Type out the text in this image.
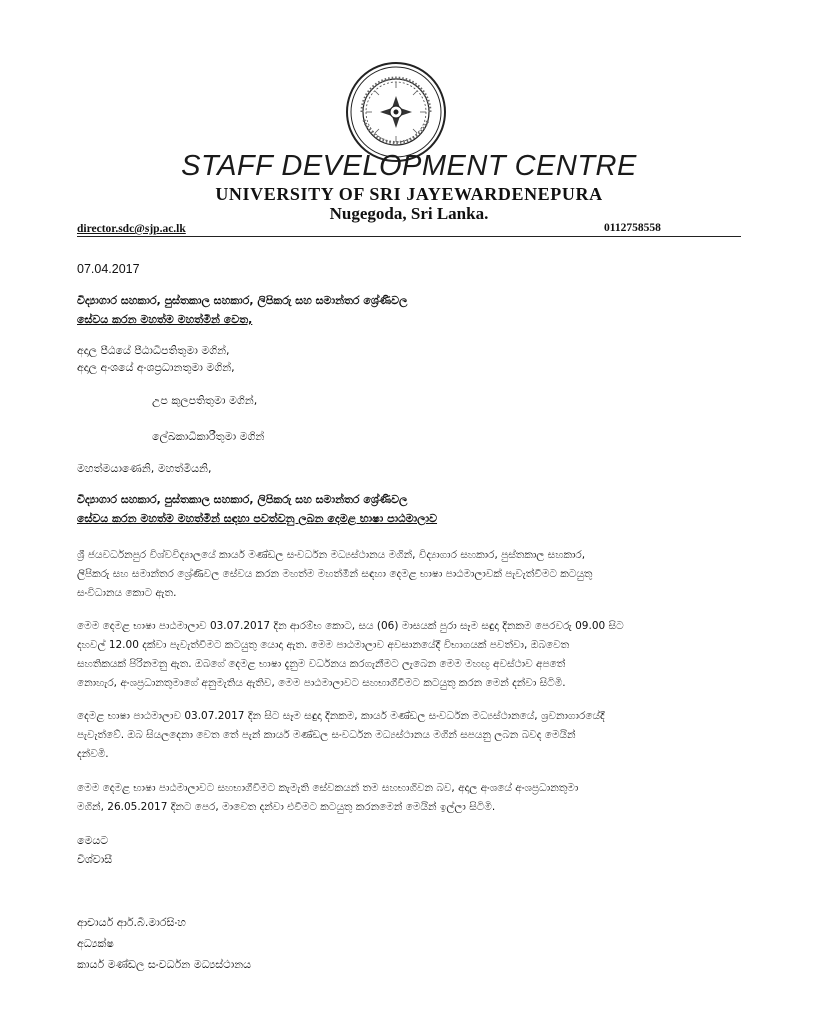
STAFF DEVELOPMENT CENTRE
UNIVERSITY OF SRI JAYEWARDENEPURA
Nugegoda, Sri Lanka.
director.sdc@sjp.ac.lk	0112758558
07.04.2017
විද්‍යාගාර සහකාර, පුස්තකාල සහකාර, ලිපිකරු සහ සමාන්තර ශ්‍රේණිවල
සේවය කරන මහත්ම මහත්මීන් වෙත,
අදාල පීඨයේ පීඨාධිපතිතුමා මගින්,
අදාල අංශයේ අංශප්‍රධානතුමා මගින්,
උප කුලපතිතුමා මගින්,
ලේඛකාධිකාරීතුමා මගින්
මහත්මයාණෙනි, මහත්මියනි,
විද්‍යාගාර සහකාර, පුස්තකාල සහකාර, ලිපිකරු සහ සමාන්තර ශ්‍රේණිවල
සේවය කරන මහත්ම මහත්මීන් සඳහා පවත්වනු ලබන දෙමළ භාෂා පාඨමාලාව

ශ්‍රී ජයවර්ධනපුර විශ්වවිද්‍යාලයේ කාර්ය මණ්ඩල සංවර්ධන මධ්‍යස්ථානය මගින්, විද්‍යාගාර සහකාර, පුස්තකාල සහකාර,

ලිපිකරු සහ සමාන්තර ශ්‍රේණිවල සේවය කරන මහත්ම මහත්මීන් සඳහා දෙමළ භාෂා පාඨමාලාවක් පැවැත්වීමට කටයුතු

සංවිධානය කොට ඇත.

මෙම දෙමළ භාෂා පාඨමාලාව 03.07.2017 දින ආරම්භ කොට, සය (06) මාසයක් පුරා සෑම සඳුදා දිනකම පෙරවරු 09.00 සිට

දහවල් 12.00 දක්වා පැවැත්වීමට කටයුතු යොදා ඇත. මෙම පාඨමාලාව අවසානයේදී විභාගයක් පවත්වා, ඔබවෙත

සහතිකයක් පිරිනමනු ඇත. ඔබගේ දෙමළ භාෂා දැනුම වර්ධනය කරගැනීමට ලැබෙන මෙම මහඟු අවස්ථාව අපතේ

නොහැර, අංශප්‍රධානතුමාගේ අනුමැතිය ඇතිව, මෙම පාඨමාලාවට සහභාගීවීමට කටයුතු කරන මෙන් දන්වා සිටිමි.

දෙමළ භාෂා පාඨමාලාව 03.07.2017 දින සිට සෑම සඳුදා දිනකම, කාර්ය මණ්ඩල සංවර්ධන මධ්‍යස්ථානයේ, ශ්‍රවනාගාරයේදී

පැවැත්වේ. ඔබ සියලදෙනා වෙත තේ පැන් කාර්ය මණ්ඩල සංවර්ධන මධ්‍යස්ථානය මගින් සපයනු ලබන බවද මෙයින්

දන්වමි.

මෙම දෙමළ භාෂා පාඨමාලාවට සහභාගීවීමට කැමැති සේවකයන් තම සහභාගිවන බව, අදාල අංශයේ අංශප්‍රධානතුමා

මගින්, 26.05.2017 දිනට පෙර, මාවෙත දන්වා එවීමට කටයුතු කරනමෙන් මෙයින් ඉල්ලා සිටිමි.

මෙයට
විශ්වාසී
ආචාර්ය ආර්.බී.මාරසිංහ
අධ්‍යක්ෂ
කාර්ය මණ්ඩල සංවර්ධන මධ්‍යස්ථානය
